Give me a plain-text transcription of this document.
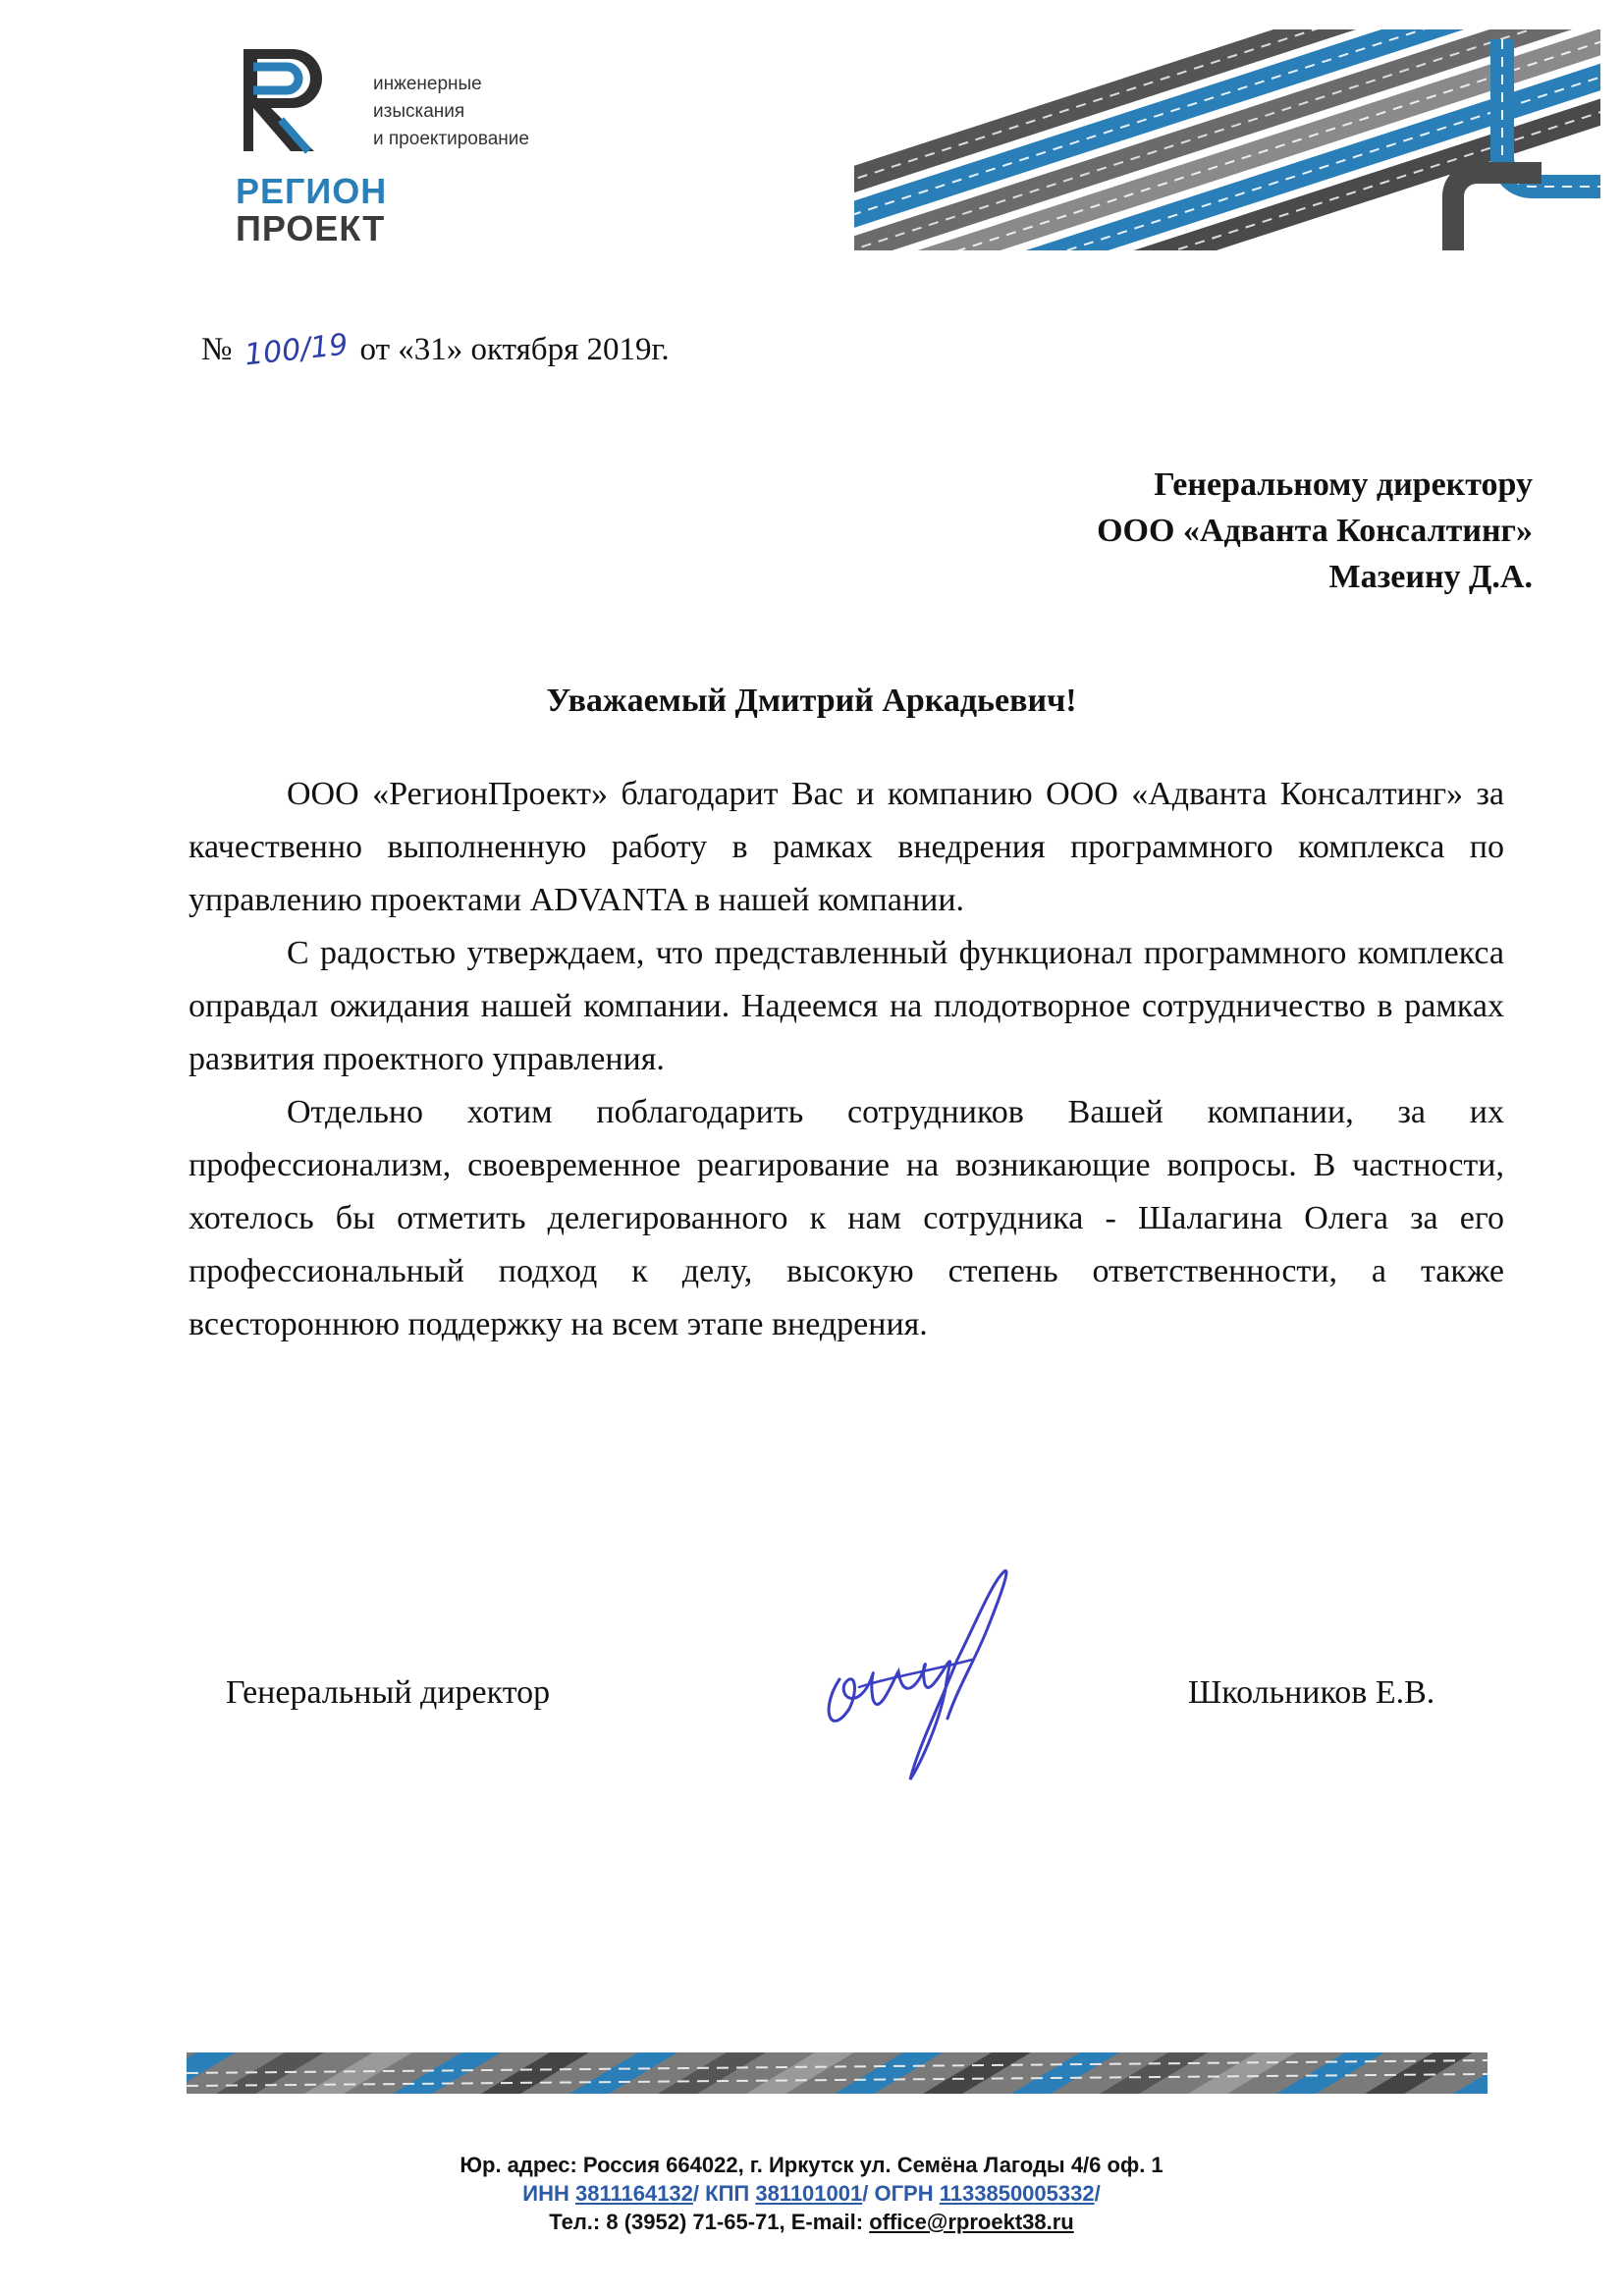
инженерные
изыскания
и проектирование
РЕГИОН
ПРОЕКТ
№ 100/19 от «31» октября 2019г.
Генеральному директору
ООО «Адванта Консалтинг»
Мазеину Д.А.
Уважаемый Дмитрий Аркадьевич!

ООО «РегионПроект» благодарит Вас и компанию ООО «Адванта Консалтинг» за качественно выполненную работу в рамках внедрения программного комплекса по управлению проектами ADVANTA в нашей компании.

С радостью утверждаем, что представленный функционал программного комплекса оправдал ожидания нашей компании. Надеемся на плодотворное сотрудничество в рамках развития проектного управления.

Отдельно хотим поблагодарить сотрудников Вашей компании, за их профессионализм, своевременное реагирование на возникающие вопросы. В частности, хотелось бы отметить делегированного к нам сотрудника - Шалагина Олега за его профессиональный подход к делу, высокую степень ответственности, а также всестороннюю поддержку на всем этапе внедрения.

Генеральный директор	Школьников Е.В.
Юр. адрес: Россия 664022, г. Иркутск ул. Семёна Лагоды 4/6 оф. 1
ИНН 3811164132/ КПП 381101001/ ОГРН 1133850005332/
Тел.: 8 (3952) 71-65-71, E-mail: office@rproekt38.ru
